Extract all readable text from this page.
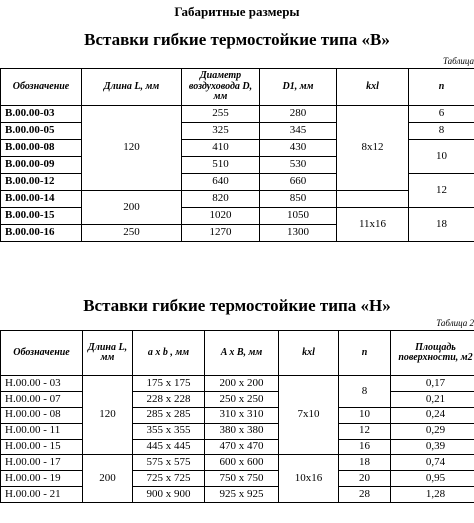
Габаритные размеры
Вставки гибкие термостойкие типа «В»
Таблица
Обозначение	Длина L, мм	Диаметр воздуховода D, мм	D1, мм	kxl	n
В.00.00-03	120	255	280	8x12	6
В.00.00-05		325	345		8
В.00.00-08		410	430		10
В.00.00-09		510	530		
В.00.00-12		640	660		12
В.00.00-14	200	820	850		
В.00.00-15		1020	1050	11x16	18
В.00.00-16	250	1270	1300		
Вставки гибкие термостойкие типа «Н»
Таблица 2
Обозначение	Длина L, мм	a x b , мм	A x B, мм	kxl	n	Площадь поверхности, м2
Н.00.00 - 03	120	175 x 175	200 x 200	7x10	8	0,17
Н.00.00 - 07		228 x 228	250 x 250			0,21
Н.00.00 - 08		285 x 285	310 x 310		10	0,24
Н.00.00 - 11		355 x 355	380 x 380		12	0,29
Н.00.00 - 15		445 x 445	470 x 470		16	0,39
Н.00.00 - 17	200	575 x 575	600 x 600	10x16	18	0,74
Н.00.00 - 19		725 x 725	750 x 750		20	0,95
Н.00.00 - 21		900 x 900	925 x 925		28	1,28
